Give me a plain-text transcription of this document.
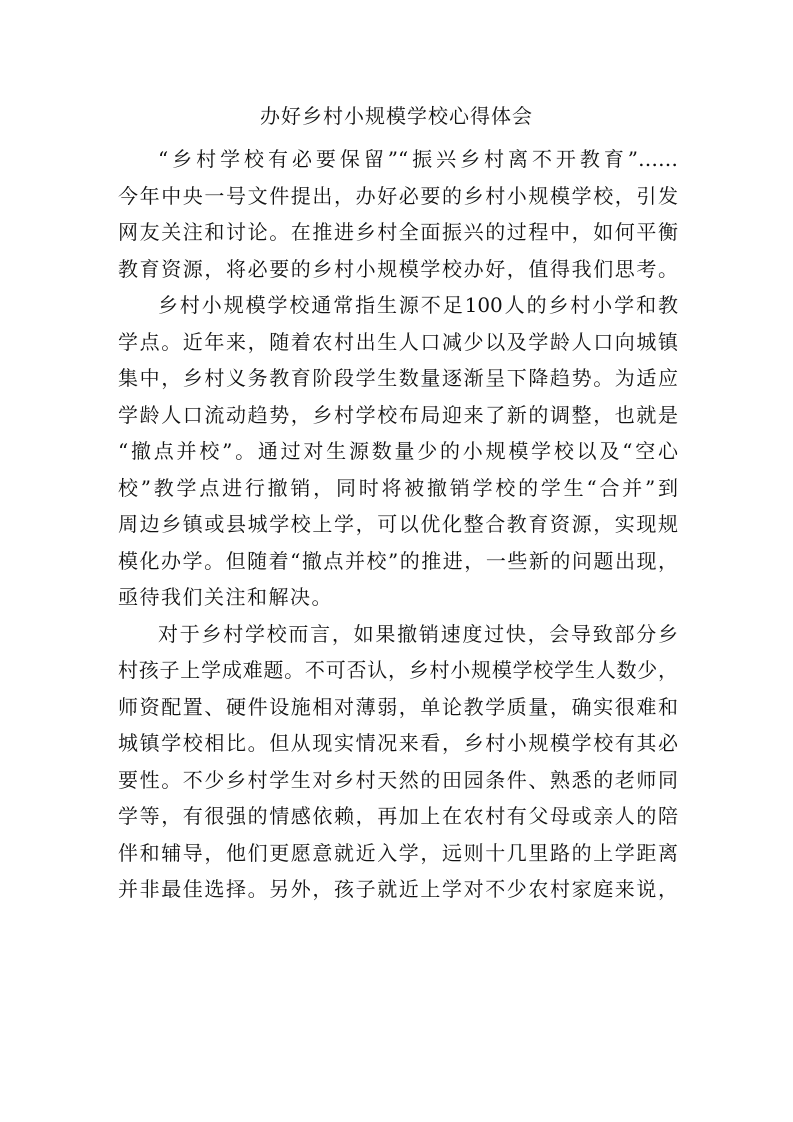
办好乡村小规模学校心得体会
“乡村学校有必要保留”“振兴乡村离不开教育”……
今年中央一号文件提出，办好必要的乡村小规模学校，引发
网友关注和讨论。在推进乡村全面振兴的过程中，如何平衡
教育资源，将必要的乡村小规模学校办好，值得我们思考。
乡村小规模学校通常指生源不足100人的乡村小学和教
学点。近年来，随着农村出生人口减少以及学龄人口向城镇
集中，乡村义务教育阶段学生数量逐渐呈下降趋势。为适应
学龄人口流动趋势，乡村学校布局迎来了新的调整，也就是
“撤点并校”。通过对生源数量少的小规模学校以及“空心
校”教学点进行撤销，同时将被撤销学校的学生“合并”到
周边乡镇或县城学校上学，可以优化整合教育资源，实现规
模化办学。但随着“撤点并校”的推进，一些新的问题出现，
亟待我们关注和解决。
对于乡村学校而言，如果撤销速度过快，会导致部分乡
村孩子上学成难题。不可否认，乡村小规模学校学生人数少，
师资配置、硬件设施相对薄弱，单论教学质量，确实很难和
城镇学校相比。但从现实情况来看，乡村小规模学校有其必
要性。不少乡村学生对乡村天然的田园条件、熟悉的老师同
学等，有很强的情感依赖，再加上在农村有父母或亲人的陪
伴和辅导，他们更愿意就近入学，远则十几里路的上学距离
并非最佳选择。另外，孩子就近上学对不少农村家庭来说，
